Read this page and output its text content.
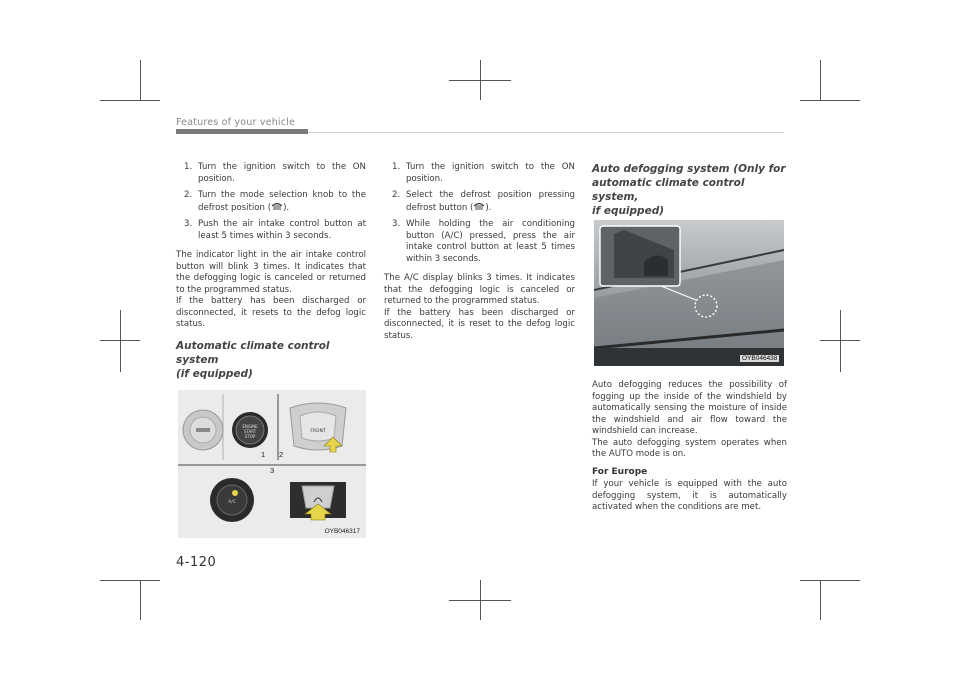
Features of your vehicle
1. Turn the ignition switch to the ON position.
2. Turn the mode selection knob to the defrost position ( ).
3. Push the air intake control button at least 5 times within 3 seconds.

The indicator light in the air intake control button will blink 3 times. It indicates that the defogging logic is canceled or returned to the programmed status.

If the battery has been discharged or disconnected, it resets to the defog logic status.

Automatic climate control system
(if equipped)
ENGINE
START
STOP
FRONT
A/C
1 2
3
OYB046317
1. Turn the ignition switch to the ON position.
2. Select the defrost position pressing defrost button ( ).
3. While holding the air conditioning button (A/C) pressed, press the air intake control button at least 5 times within 3 seconds.

The A/C display blinks 3 times. It indicates that the defogging logic is canceled or returned to the programmed status.

If the battery has been discharged or disconnected, it is reset to the defog logic status.

Auto defogging system (Only for
automatic climate control system,
if equipped)
OYB046438

Auto defogging reduces the possibility of fogging up the inside of the windshield by automatically sensing the moisture of inside the windshield and air flow toward the windshield can increase.

The auto defogging system operates when the AUTO mode is on.

For Europe

If your vehicle is equipped with the auto defogging system, it is automatically activated when the conditions are met.

4-120
